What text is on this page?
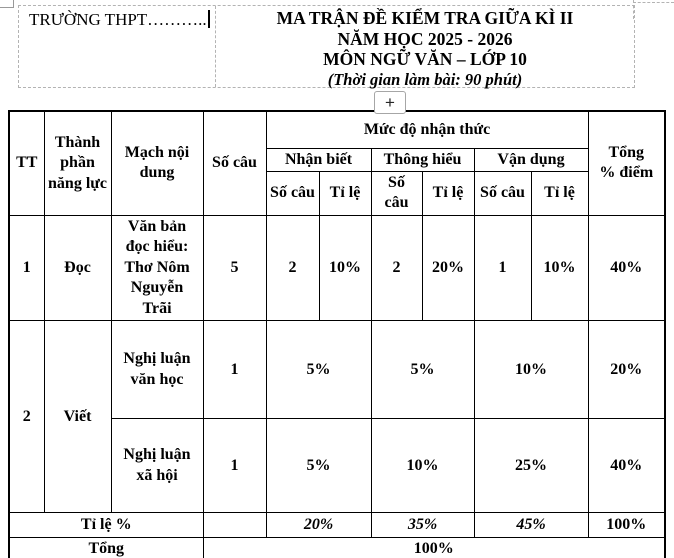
TRƯỜNG THPT………..	MA TRẬN ĐỀ KIỂM TRA GIỮA KÌ II
NĂM HỌC 2025 - 2026
MÔN NGỮ VĂN – LỚP 10
(Thời gian làm bài: 90 phút)
+
TT	Thành phần năng lực	Mạch nội dung	Số câu	Mức độ nhận thức						Tổng
% điểm

				Nhận biết		Thông hiểu		Vận dụng		
				Số câu	Tỉ lệ	Số câu	Tỉ lệ	Số câu	Tỉ lệ	
1	Đọc	Văn bản đọc hiểu: Thơ Nôm Nguyễn Trãi	5	2	10%	2	20%	1	10%	40%
2	Viết	Nghị luận văn học	1	5%		5%		10%		20%
		Nghị luận xã hội	1	5%		10%		25%		40%
Tỉ lệ %				20%		35%		45%		100%
Tổng			100%							
